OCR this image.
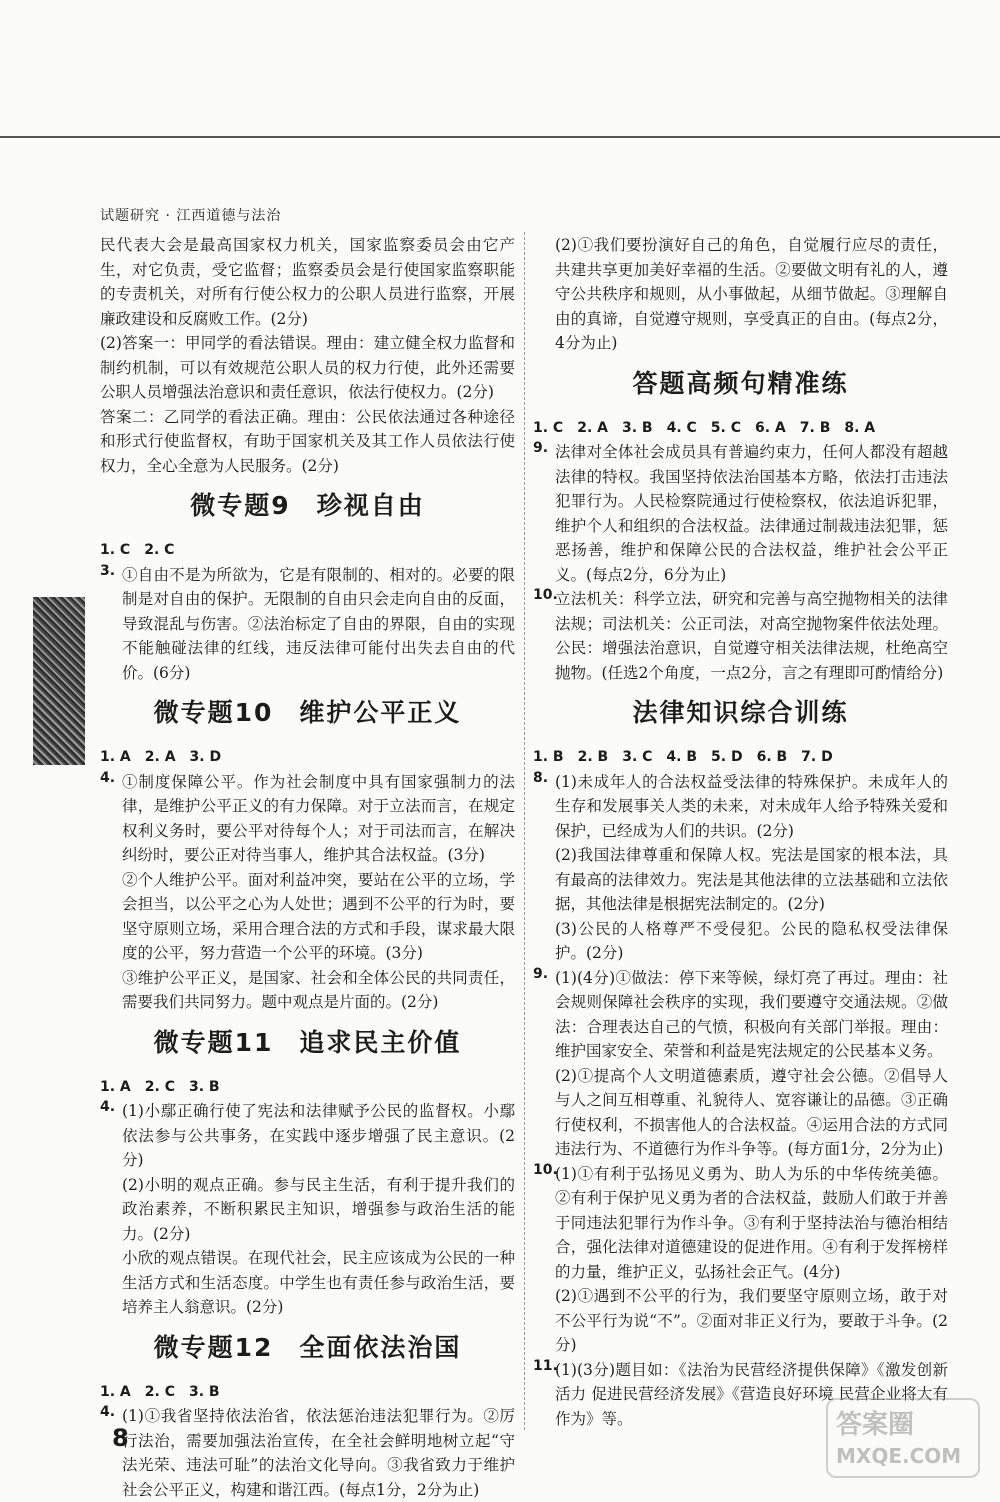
试题研究 · 江西道德与法治

民代表大会是最高国家权力机关，国家监察委员会由它产生，对它负责，受它监督；监察委员会是行使国家监察职能的专责机关，对所有行使公权力的公职人员进行监察，开展廉政建设和反腐败工作。(2分)

(2)答案一：甲同学的看法错误。理由：建立健全权力监督和制约机制，可以有效规范公职人员的权力行使，此外还需要公职人员增强法治意识和责任意识，依法行使权力。(2分)

答案二：乙同学的看法正确。理由：公民依法通过各种途径和形式行使监督权，有助于国家机关及其工作人员依法行使权力，全心全意为人民服务。(2分)

微专题9 珍视自由

1. C　2. C

3. ①自由不是为所欲为，它是有限制的、相对的。必要的限制是对自由的保护。无限制的自由只会走向自由的反面，导致混乱与伤害。②法治标定了自由的界限，自由的实现不能触碰法律的红线，违反法律可能付出失去自由的代价。(6分)

微专题10 维护公平正义

1. A　2. A　3. D

4. ①制度保障公平。作为社会制度中具有国家强制力的法律，是维护公平正义的有力保障。对于立法而言，在规定权利义务时，要公平对待每个人；对于司法而言，在解决纠纷时，要公正对待当事人，维护其合法权益。(3分)

②个人维护公平。面对利益冲突，要站在公平的立场，学会担当，以公平之心为人处世；遇到不公平的行为时，要坚守原则立场，采用合理合法的方式和手段，谋求最大限度的公平，努力营造一个公平的环境。(3分)

③维护公平正义，是国家、社会和全体公民的共同责任，需要我们共同努力。题中观点是片面的。(2分)

微专题11 追求民主价值

1. A　2. C　3. B

4. (1)小鄢正确行使了宪法和法律赋予公民的监督权。小鄢依法参与公共事务，在实践中逐步增强了民主意识。(2分)

(2)小明的观点正确。参与民主生活，有利于提升我们的政治素养，不断积累民主知识，增强参与政治生活的能力。(2分)

小欣的观点错误。在现代社会，民主应该成为公民的一种生活方式和生活态度。中学生也有责任参与政治生活，要培养主人翁意识。(2分)

微专题12 全面依法治国

1. A　2. C　3. B

4. (1)①我省坚持依法治省，依法惩治违法犯罪行为。②厉行法治，需要加强法治宣传，在全社会鲜明地树立起“守法光荣、违法可耻”的法治文化导向。③我省致力于维护社会公平正义，构建和谐江西。(每点1分，2分为止)

(2)①我们要扮演好自己的角色，自觉履行应尽的责任，共建共享更加美好幸福的生活。②要做文明有礼的人，遵守公共秩序和规则，从小事做起，从细节做起。③理解自由的真谛，自觉遵守规则，享受真正的自由。(每点2分，4分为止)

答题高频句精准练

1. C　2. A　3. B　4. C　5. C　6. A　7. B　8. A

9. 法律对全体社会成员具有普遍约束力，任何人都没有超越法律的特权。我国坚持依法治国基本方略，依法打击违法犯罪行为。人民检察院通过行使检察权，依法追诉犯罪，维护个人和组织的合法权益。法律通过制裁违法犯罪，惩恶扬善，维护和保障公民的合法权益，维护社会公平正义。(每点2分，6分为止)

10.

立法机关：科学立法，研究和完善与高空抛物相关的法律法规；司法机关：公正司法，对高空抛物案件依法处理。公民：增强法治意识，自觉遵守相关法律法规，杜绝高空抛物。(任选2个角度，一点2分，言之有理即可酌情给分)

法律知识综合训练

1. B　2. B　3. C　4. B　5. D　6. B　7. D

8. (1)未成年人的合法权益受法律的特殊保护。未成年人的生存和发展事关人类的未来，对未成年人给予特殊关爱和保护，已经成为人们的共识。(2分)

(2)我国法律尊重和保障人权。宪法是国家的根本法，具有最高的法律效力。宪法是其他法律的立法基础和立法依据，其他法律是根据宪法制定的。(2分)

(3)公民的人格尊严不受侵犯。公民的隐私权受法律保护。(2分)

9. (1)(4分)①做法：停下来等候，绿灯亮了再过。理由：社会规则保障社会秩序的实现，我们要遵守交通法规。②做法：合理表达自己的气愤，积极向有关部门举报。理由：维护国家安全、荣誉和利益是宪法规定的公民基本义务。

(2)①提高个人文明道德素质，遵守社会公德。②倡导人与人之间互相尊重、礼貌待人、宽容谦让的品德。③正确行使权利，不损害他人的合法权益。④运用合法的方式同违法行为、不道德行为作斗争等。(每方面1分，2分为止)

10.

(1)①有利于弘扬见义勇为、助人为乐的中华传统美德。②有利于保护见义勇为者的合法权益，鼓励人们敢于并善于同违法犯罪行为作斗争。③有利于坚持法治与德治相结合，强化法律对道德建设的促进作用。④有利于发挥榜样的力量，维护正义，弘扬社会正气。(4分)

(2)①遇到不公平的行为，我们要坚守原则立场，敢于对不公平行为说“不”。②面对非正义行为，要敢于斗争。(2分)

11.

(1)(3分)题目如：《法治为民营经济提供保障》《激发创新活力 促进民营经济发展》《营造良好环境 民营企业将大有作为》等。

8	答案圈
MXQE.COM
